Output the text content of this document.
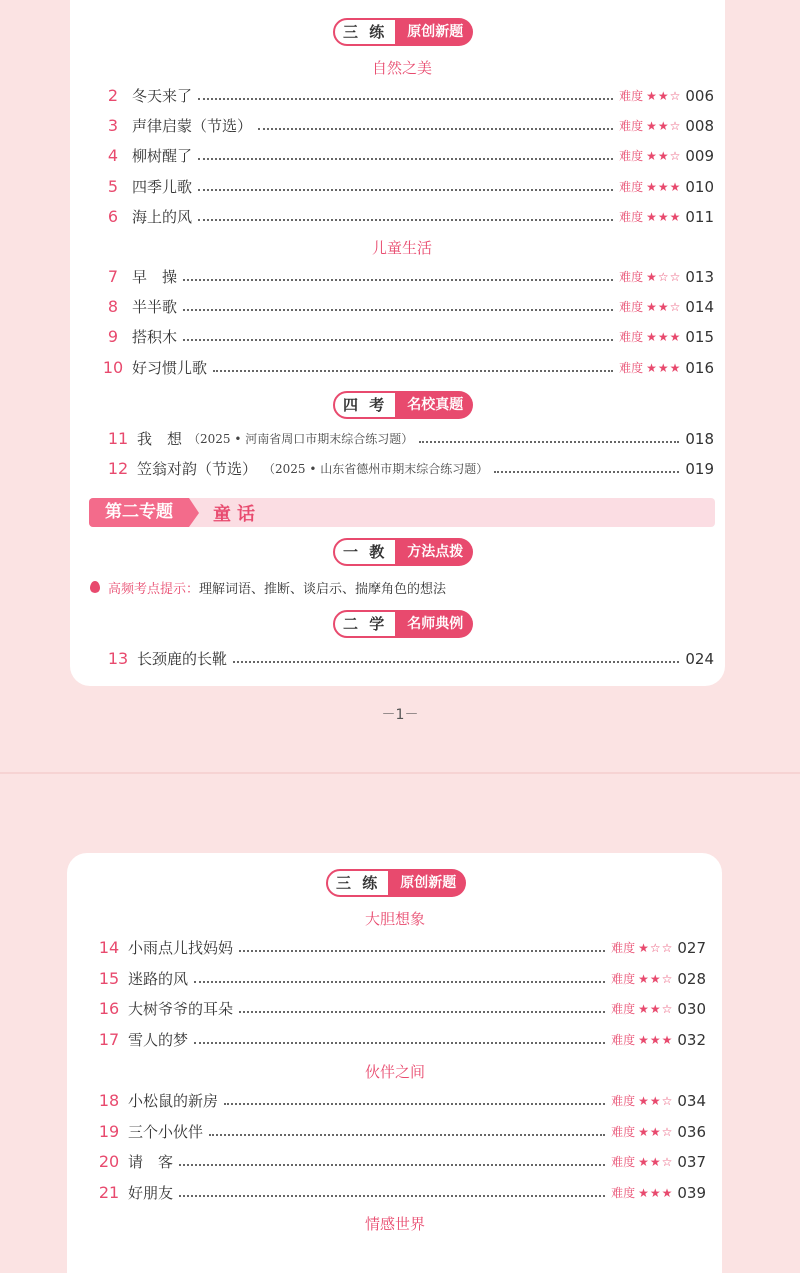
三 练	原创新题
自然之美
2 冬天来了	难度 ★★☆ 006
3 声律启蒙（节选）	难度 ★★☆ 008
4 柳树醒了	难度 ★★☆ 009
5 四季儿歌	难度 ★★★ 010
6 海上的风	难度 ★★★ 011
儿童生活
7 早　操	难度 ★☆☆ 013
8 半半歌	难度 ★★☆ 014
9 搭积木	难度 ★★★ 015
10 好习惯儿歌	难度 ★★★ 016
四 考	名校真题
11 我　想 （2025 • 河南省周口市期末综合练习题）	018
12 笠翁对韵（节选） （2025 • 山东省德州市期末综合练习题）	019
第二专题	童话
一 教	方法点拨
高频考点提示： 理解词语、推断、谈启示、揣摩角色的想法
二 学	名师典例
13 长颈鹿的长靴	024
－1－
三 练	原创新题
大胆想象
14 小雨点儿找妈妈	难度 ★☆☆ 027
15 迷路的风	难度 ★★☆ 028
16 大树爷爷的耳朵	难度 ★★☆ 030
17 雪人的梦	难度 ★★★ 032
伙伴之间
18 小松鼠的新房	难度 ★★☆ 034
19 三个小伙伴	难度 ★★☆ 036
20 请　客	难度 ★★☆ 037
21 好朋友	难度 ★★★ 039
情感世界
